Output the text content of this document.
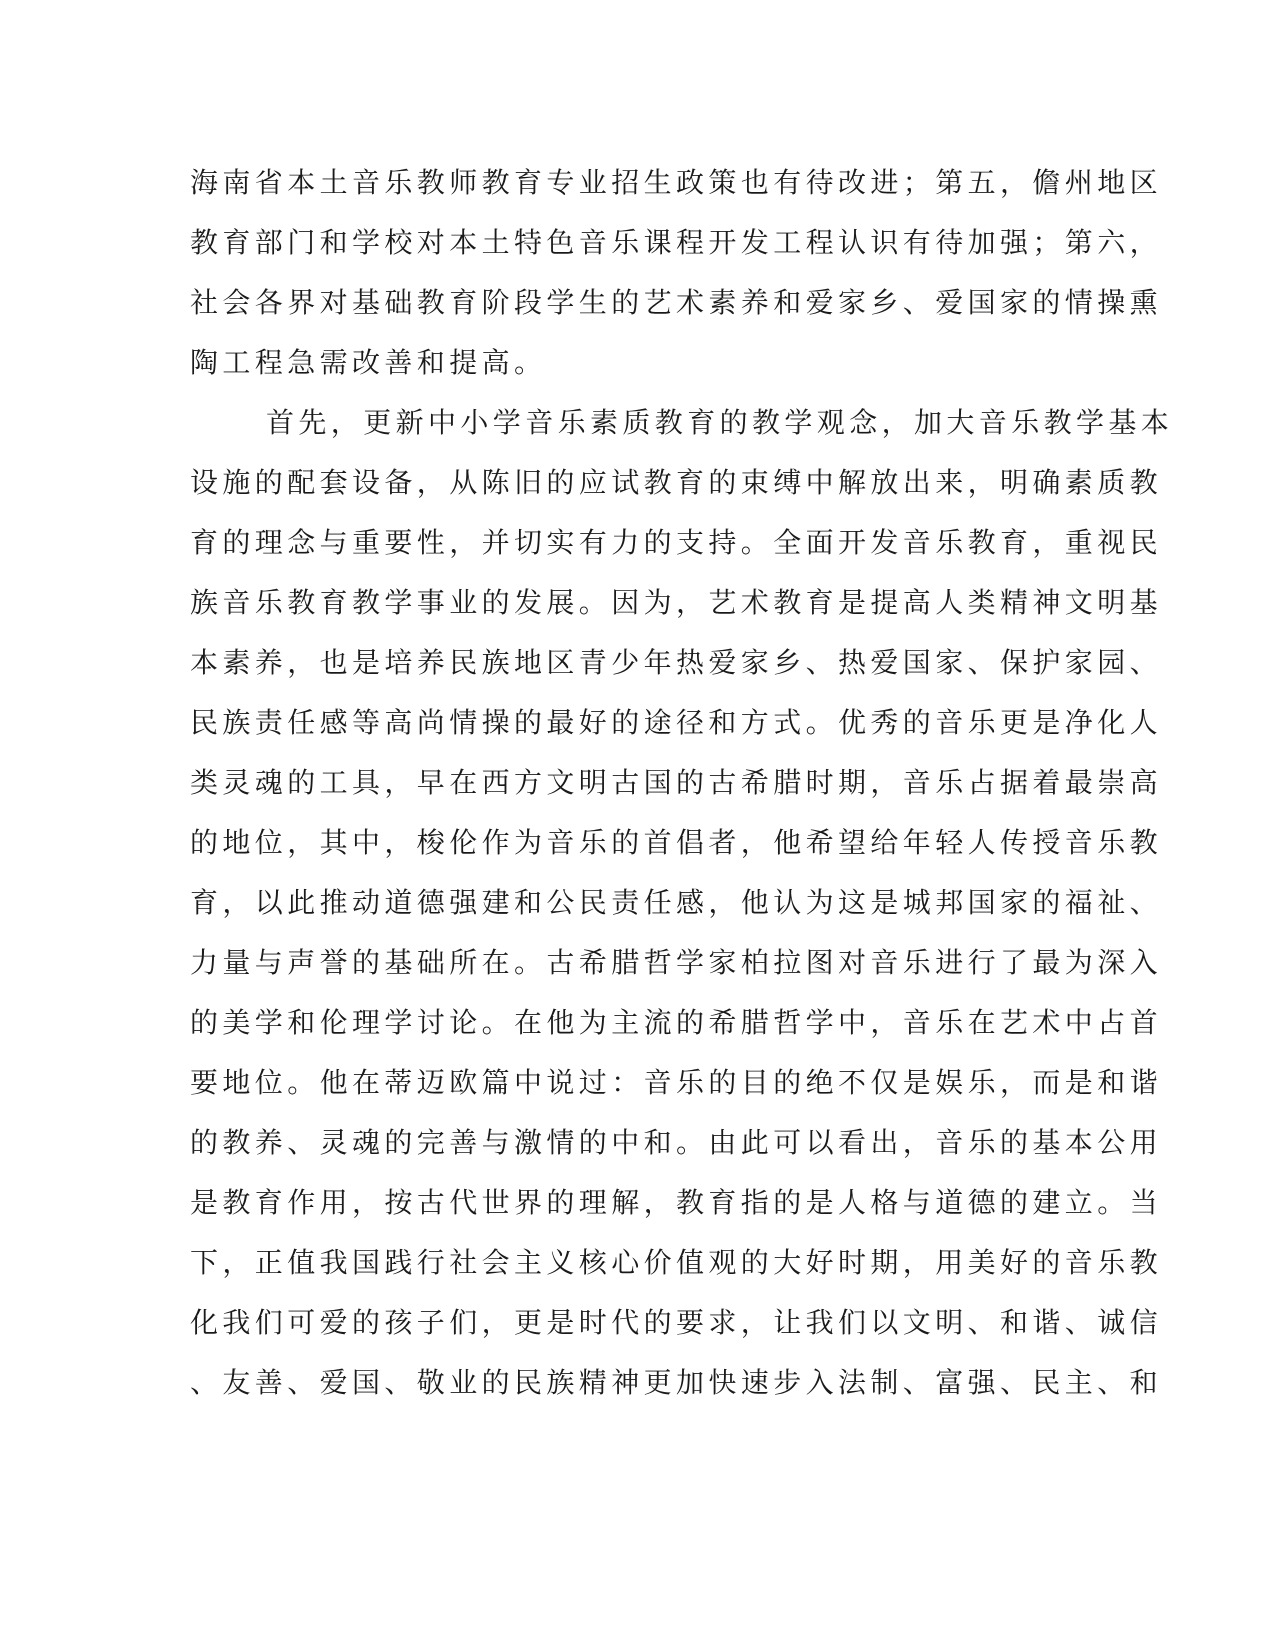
海南省本土音乐教师教育专业招生政策也有待改进；第五，儋州地区
教育部门和学校对本土特色音乐课程开发工程认识有待加强；第六，
社会各界对基础教育阶段学生的艺术素养和爱家乡、爱国家的情操熏
陶工程急需改善和提高。
首先，更新中小学音乐素质教育的教学观念，加大音乐教学基本
设施的配套设备，从陈旧的应试教育的束缚中解放出来，明确素质教
育的理念与重要性，并切实有力的支持。全面开发音乐教育，重视民
族音乐教育教学事业的发展。因为，艺术教育是提高人类精神文明基
本素养，也是培养民族地区青少年热爱家乡、热爱国家、保护家园、
民族责任感等高尚情操的最好的途径和方式。优秀的音乐更是净化人
类灵魂的工具，早在西方文明古国的古希腊时期，音乐占据着最崇高
的地位，其中，梭伦作为音乐的首倡者，他希望给年轻人传授音乐教
育，以此推动道德强建和公民责任感，他认为这是城邦国家的福祉、
力量与声誉的基础所在。古希腊哲学家柏拉图对音乐进行了最为深入
的美学和伦理学讨论。在他为主流的希腊哲学中，音乐在艺术中占首
要地位。他在蒂迈欧篇中说过：音乐的目的绝不仅是娱乐，而是和谐
的教养、灵魂的完善与激情的中和。由此可以看出，音乐的基本公用
是教育作用，按古代世界的理解，教育指的是人格与道德的建立。当
下，正值我国践行社会主义核心价值观的大好时期，用美好的音乐教
化我们可爱的孩子们，更是时代的要求，让我们以文明、和谐、诚信
、友善、爱国、敬业的民族精神更加快速步入法制、富强、民主、和
